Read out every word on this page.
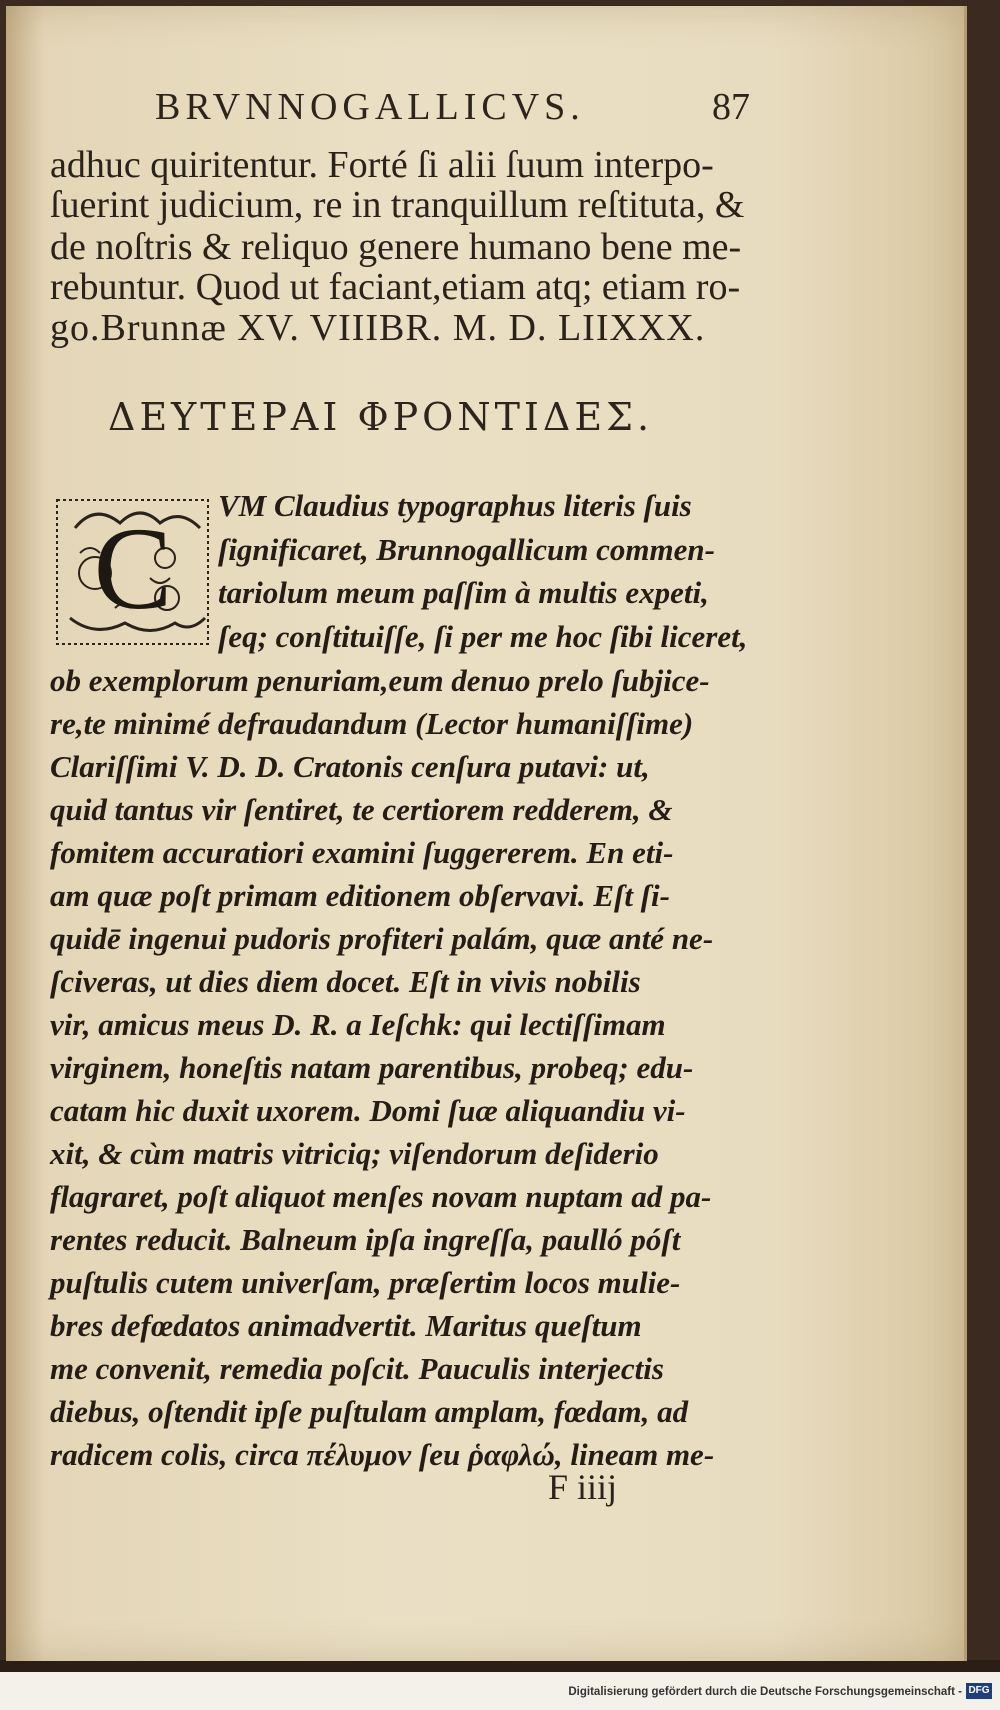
BRVNNOGALLICVS.	87
adhuc quiritentur. Forté ſi alii ſuum interpo-
ſuerint judicium, re in tranquillum reſtituta, &
de noſtris & reliquo genere humano bene me-
rebuntur. Quod ut faciant,etiam atq; etiam ro-
go.Brunnæ XV. VIIIBR. M. D. LIIXXX.
ΔΕΥΤΕΡΑΙ ΦΡΟΝΤΙΔΕΣ.
C VM Claudius typographus literis ſuis
ſignificaret, Brunnogallicum commen-
tariolum meum paſſim à multis expeti,
ſeq; conſtituiſſe, ſi per me hoc ſibi liceret,
ob exemplorum penuriam,eum denuo prelo ſubjice-
re,te minimé defraudandum (Lector humaniſſime)
Clariſſimi V. D. D. Cratonis cenſura putavi: ut,
quid tantus vir ſentiret, te certiorem redderem, &
fomitem accuratiori examini ſuggererem. En eti-
am quæ poſt primam editionem obſervavi. Eſt ſi-
quidē ingenui pudoris profiteri palám, quæ anté ne-
ſciveras, ut dies diem docet. Eſt in vivis nobilis
vir, amicus meus D. R. a Ieſchk: qui lectiſſimam
virginem, honeſtis natam parentibus, probeq; edu-
catam hic duxit uxorem. Domi ſuæ aliquandiu vi-
xit, & cùm matris vitriciq; viſendorum deſiderio
flagraret, poſt aliquot menſes novam nuptam ad pa-
rentes reducit. Balneum ipſa ingreſſa, paulló póſt
puſtulis cutem univerſam, præſertim locos mulie-
bres defœdatos animadvertit. Maritus queſtum
me convenit, remedia poſcit. Pauculis interjectis
diebus, oſtendit ipſe puſtulam amplam, fœdam, ad
radicem colis, circa πέλυμον ſeu ῥαφλώ, lineam me-
F iiij
Digitalisierung gefördert durch die Deutsche Forschungsgemeinschaft - DFG
